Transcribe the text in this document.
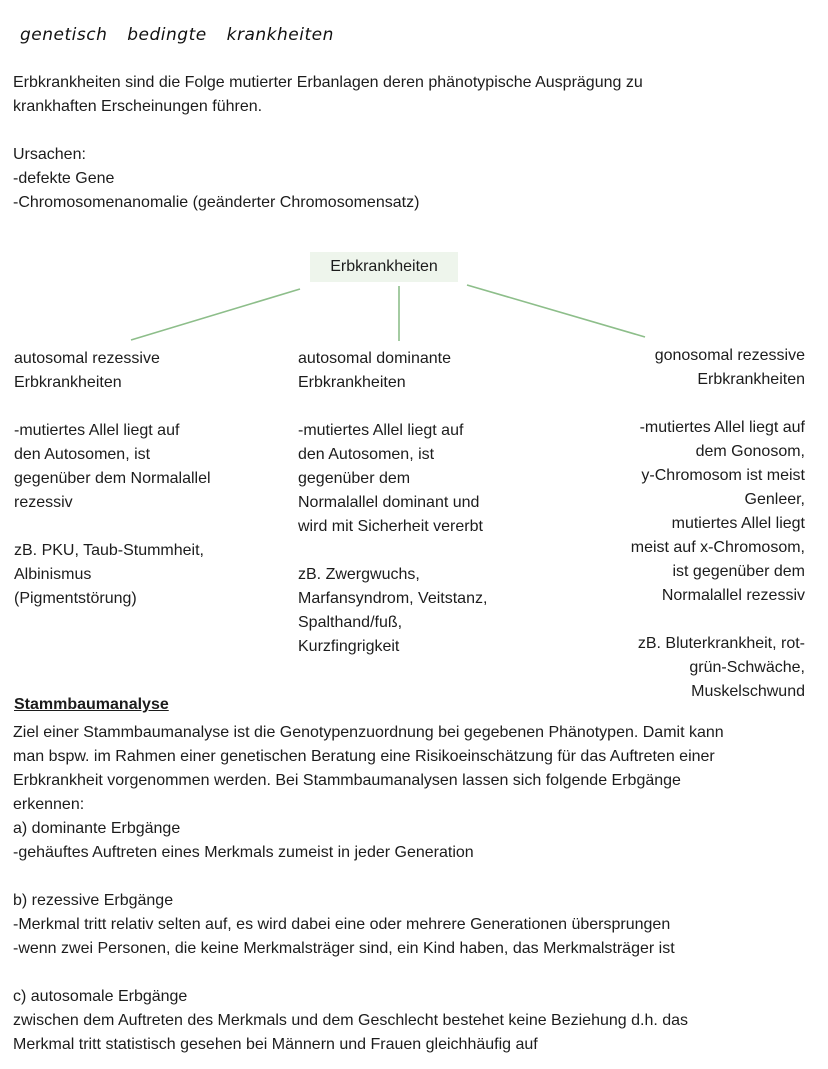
genetisch bedingte krankheiten
Erbkrankheiten sind die Folge mutierter Erbanlagen deren phänotypische Ausprägung zu
krankhaften Erscheinungen führen.
Ursachen:
-defekte Gene
-Chromosomenanomalie (geänderter Chromosomensatz)
Erbkrankheiten
autosomal rezessive
Erbkrankheiten
-mutiertes Allel liegt auf
den Autosomen, ist
gegenüber dem Normalallel
rezessiv
zB. PKU, Taub-Stummheit,
Albinismus
(Pigmentstörung)
autosomal dominante
Erbkrankheiten
-mutiertes Allel liegt auf
den Autosomen, ist
gegenüber dem
Normalallel dominant und
wird mit Sicherheit vererbt
zB. Zwergwuchs,
Marfansyndrom, Veitstanz,
Spalthand/fuß,
Kurzfingrigkeit
gonosomal rezessive
Erbkrankheiten
-mutiertes Allel liegt auf
dem Gonosom,
y-Chromosom ist meist
Genleer,
mutiertes Allel liegt
meist auf x-Chromosom,
ist gegenüber dem
Normalallel rezessiv
zB. Bluterkrankheit, rot-
grün-Schwäche,
Muskelschwund
Stammbaumanalyse
Ziel einer Stammbaumanalyse ist die Genotypenzuordnung bei gegebenen Phänotypen. Damit kann
man bspw. im Rahmen einer genetischen Beratung eine Risikoeinschätzung für das Auftreten einer
Erbkrankheit vorgenommen werden. Bei Stammbaumanalysen lassen sich folgende Erbgänge
erkennen:
a) dominante Erbgänge
-gehäuftes Auftreten eines Merkmals zumeist in jeder Generation
b) rezessive Erbgänge
-Merkmal tritt relativ selten auf, es wird dabei eine oder mehrere Generationen übersprungen
-wenn zwei Personen, die keine Merkmalsträger sind, ein Kind haben, das Merkmalsträger ist
c) autosomale Erbgänge
zwischen dem Auftreten des Merkmals und dem Geschlecht bestehet keine Beziehung d.h. das
Merkmal tritt statistisch gesehen bei Männern und Frauen gleichhäufig auf
